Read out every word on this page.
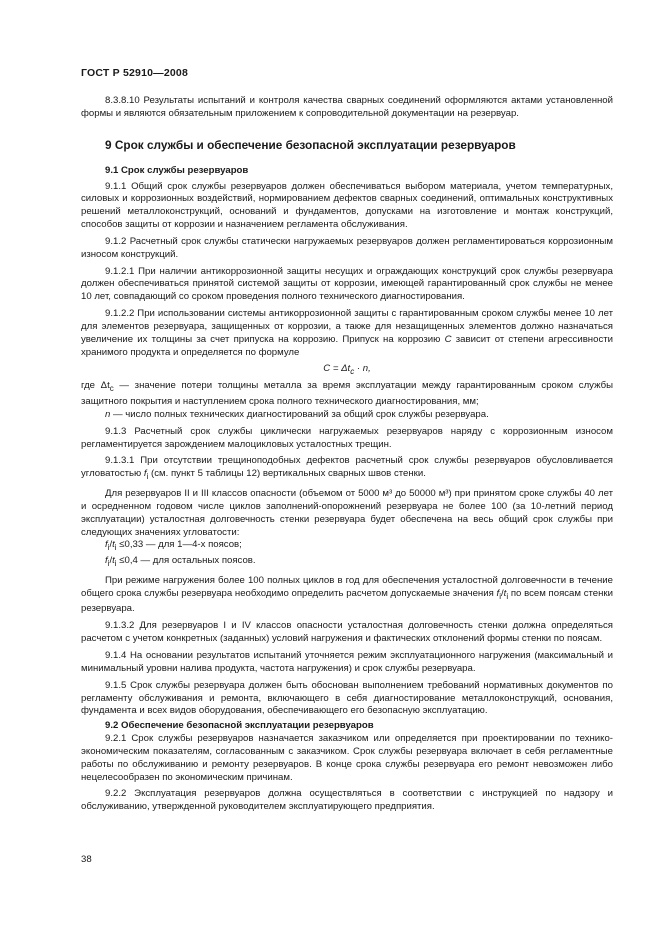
ГОСТ Р 52910—2008

8.3.8.10 Результаты испытаний и контроля качества сварных соединений оформляются актами установленной формы и являются обязательным приложением к сопроводительной документации на резервуар.

9 Срок службы и обеспечение безопасной эксплуатации резервуаров

9.1 Срок службы резервуаров

9.1.1 Общий срок службы резервуаров должен обеспечиваться выбором материала, учетом температурных, силовых и коррозионных воздействий, нормированием дефектов сварных соединений, оптимальных конструктивных решений металлоконструкций, оснований и фундаментов, допусками на изготовление и монтаж конструкций, способов защиты от коррозии и назначением регламента обслуживания.

9.1.2 Расчетный срок службы статически нагружаемых резервуаров должен регламентироваться коррозионным износом конструкций.

9.1.2.1 При наличии антикоррозионной защиты несущих и ограждающих конструкций срок службы резервуара должен обеспечиваться принятой системой защиты от коррозии, имеющей гарантированный срок службы не менее 10 лет, совпадающий со сроком проведения полного технического диагностирования.

9.1.2.2 При использовании системы антикоррозионной защиты с гарантированным сроком службы менее 10 лет для элементов резервуара, защищенных от коррозии, а также для незащищенных элементов должно назначаться увеличение их толщины за счет припуска на коррозию. Припуск на коррозию C зависит от степени агрессивности хранимого продукта и определяется по формуле

$C = \Delta t_c \cdot n$,

где $\Delta t_c$ — значение потери толщины металла за время эксплуатации между гарантированным сроком службы защитного покрытия и наступлением срока полного технического диагностирования, мм;

n — число полных технических диагностирований за общий срок службы резервуара.

9.1.3 Расчетный срок службы циклически нагружаемых резервуаров наряду с коррозионным износом регламентируется зарождением малоцикловых усталостных трещин.

9.1.3.1 При отсутствии трещиноподобных дефектов расчетный срок службы резервуаров обусловливается угловатостью $f_i$ (см. пункт 5 таблицы 12) вертикальных сварных швов стенки.

Для резервуаров II и III классов опасности (объемом от 5000 м³ до 50000 м³) при принятом сроке службы 40 лет и осредненном годовом числе циклов заполнений-опорожнений резервуара не более 100 (за 10-летний период эксплуатации) усталостная долговечность стенки резервуара будет обеспечена на весь общий срок службы при следующих значениях угловатости:

$f_i/t_i \le 0,33$ — для 1—4-х поясов;

$f_i/t_i \le 0,4$ — для остальных поясов.

При режиме нагружения более 100 полных циклов в год для обеспечения усталостной долговечности в течение общего срока службы резервуара необходимо определить расчетом допускаемые значения $f_i/t_i$ по всем поясам стенки резервуара.

9.1.3.2 Для резервуаров I и IV классов опасности усталостная долговечность стенки должна определяться расчетом с учетом конкретных (заданных) условий нагружения и фактических отклонений формы стенки по поясам.

9.1.4 На основании результатов испытаний уточняется режим эксплуатационного нагружения (максимальный и минимальный уровни налива продукта, частота нагружения) и срок службы резервуара.

9.1.5 Срок службы резервуара должен быть обоснован выполнением требований нормативных документов по регламенту обслуживания и ремонта, включающего в себя диагностирование металлоконструкций, основания, фундамента и всех видов оборудования, обеспечивающего его безопасную эксплуатацию.

9.2 Обеспечение безопасной эксплуатации резервуаров

9.2.1 Срок службы резервуаров назначается заказчиком или определяется при проектировании по технико-экономическим показателям, согласованным с заказчиком. Срок службы резервуара включает в себя регламентные работы по обслуживанию и ремонту резервуаров. В конце срока службы резервуара его ремонт невозможен либо нецелесообразен по экономическим причинам.

9.2.2 Эксплуатация резервуаров должна осуществляться в соответствии с инструкцией по надзору и обслуживанию, утвержденной руководителем эксплуатирующего предприятия.

38
